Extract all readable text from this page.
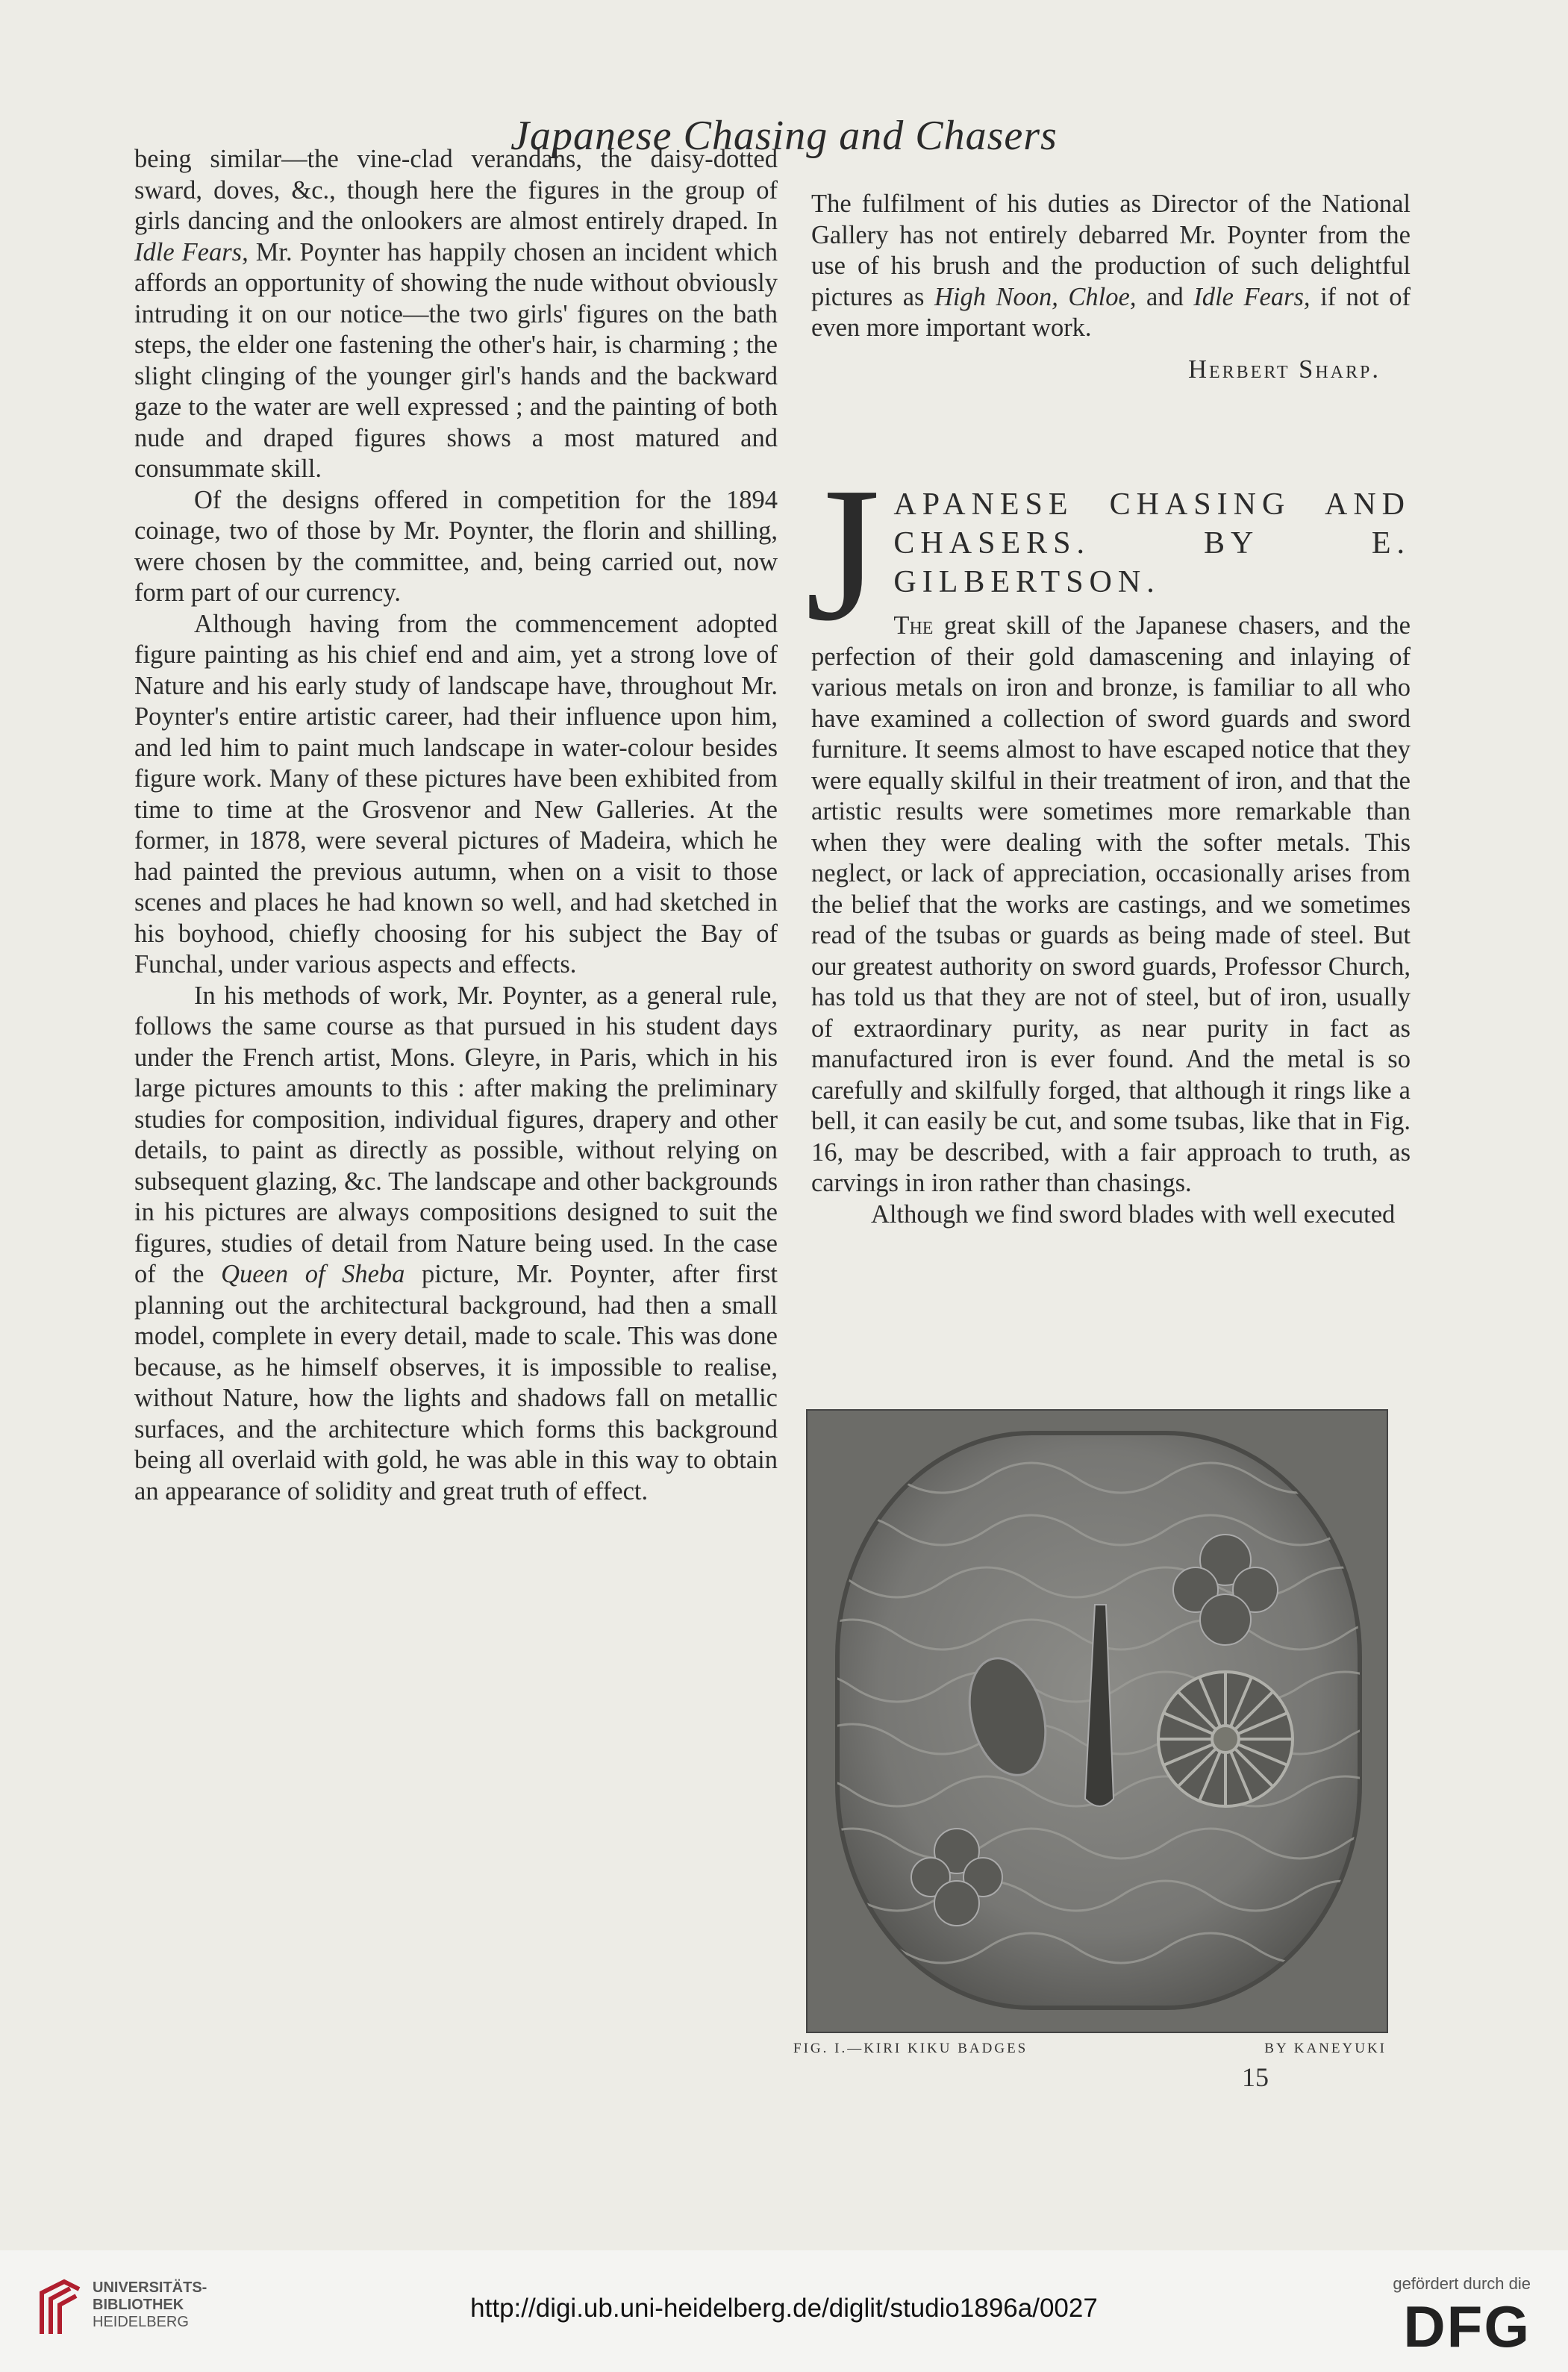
Japanese Chasing and Chasers

being similar—the vine-clad verandahs, the daisy-dotted sward, doves, &c., though here the figures in the group of girls dancing and the onlookers are almost entirely draped. In Idle Fears, Mr. Poynter has happily chosen an incident which affords an opportunity of showing the nude without obviously intruding it on our notice—the two girls' figures on the bath steps, the elder one fastening the other's hair, is charming ; the slight clinging of the younger girl's hands and the backward gaze to the water are well expressed ; and the painting of both nude and draped figures shows a most matured and consummate skill.

Of the designs offered in competition for the 1894 coinage, two of those by Mr. Poynter, the florin and shilling, were chosen by the committee, and, being carried out, now form part of our currency.

Although having from the commencement adopted figure painting as his chief end and aim, yet a strong love of Nature and his early study of landscape have, throughout Mr. Poynter's entire artistic career, had their influence upon him, and led him to paint much landscape in water-colour besides figure work. Many of these pictures have been exhibited from time to time at the Grosvenor and New Galleries. At the former, in 1878, were several pictures of Madeira, which he had painted the previous autumn, when on a visit to those scenes and places he had known so well, and had sketched in his boyhood, chiefly choosing for his subject the Bay of Funchal, under various aspects and effects.

In his methods of work, Mr. Poynter, as a general rule, follows the same course as that pursued in his student days under the French artist, Mons. Gleyre, in Paris, which in his large pictures amounts to this : after making the preliminary studies for composition, individual figures, drapery and other details, to paint as directly as possible, without relying on subsequent glazing, &c. The landscape and other backgrounds in his pictures are always compositions designed to suit the figures, studies of detail from Nature being used. In the case of the Queen of Sheba picture, Mr. Poynter, after first planning out the architectural background, had then a small model, complete in every detail, made to scale. This was done because, as he himself observes, it is impossible to realise, without Nature, how the lights and shadows fall on metallic surfaces, and the architecture which forms this background being all overlaid with gold, he was able in this way to obtain an appearance of solidity and great truth of effect.

The fulfilment of his duties as Director of the National Gallery has not entirely debarred Mr. Poynter from the use of his brush and the production of such delightful pictures as High Noon, Chloe, and Idle Fears, if not of even more important work.

Herbert Sharp.
J APANESE CHASING AND
CHASERS. BY E. GILBERTSON.

The great skill of the Japanese chasers, and the perfection of their gold damascening and inlaying of various metals on iron and bronze, is familiar to all who have examined a collection of sword guards and sword furniture. It seems almost to have escaped notice that they were equally skilful in their treatment of iron, and that the artistic results were sometimes more remarkable than when they were dealing with the softer metals. This neglect, or lack of appreciation, occasionally arises from the belief that the works are castings, and we sometimes read of the tsubas or guards as being made of steel. But our greatest authority on sword guards, Professor Church, has told us that they are not of steel, but of iron, usually of extraordinary purity, as near purity in fact as manufactured iron is ever found. And the metal is so carefully and skilfully forged, that although it rings like a bell, it can easily be cut, and some tsubas, like that in Fig. 16, may be described, with a fair approach to truth, as carvings in iron rather than chasings.

Although we find sword blades with well executed

FIG. I.—KIRI KIKU BADGES	BY KANEYUKI
15
UNIVERSITÄTS-
BIBLIOTHEK

HEIDELBERG	http://digi.ub.uni-heidelberg.de/diglit/studio1896a/0027
gefördert durch die
DFG
